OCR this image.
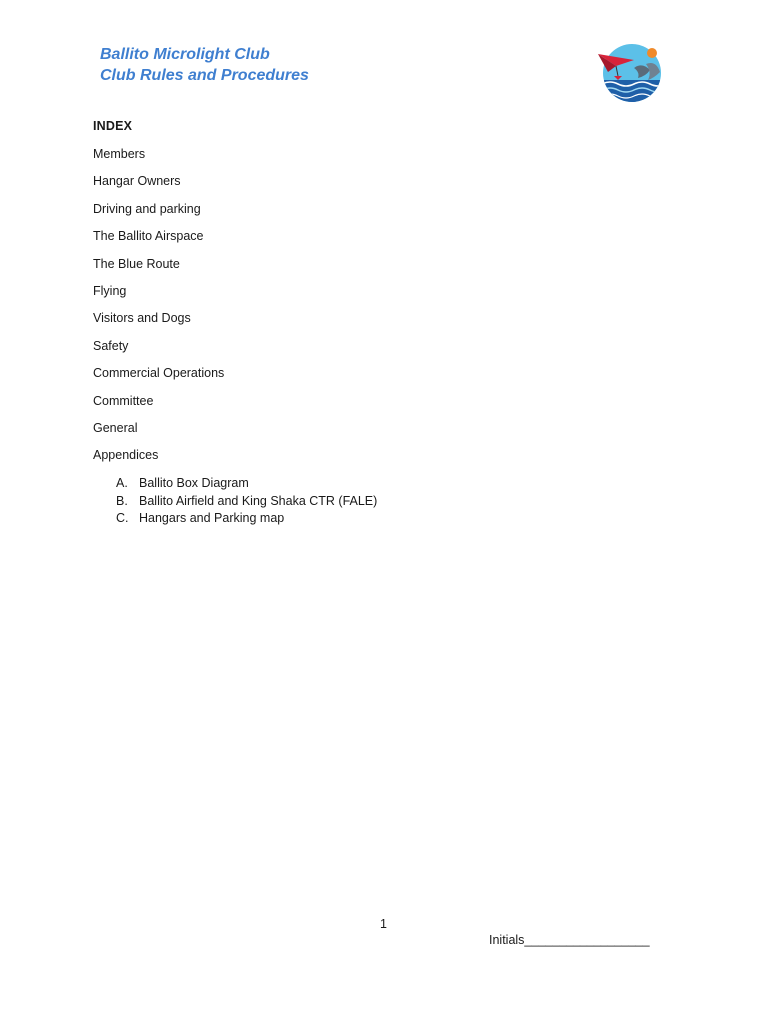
Ballito Microlight Club
Club Rules and Procedures
INDEX
Members
Hangar Owners
Driving and parking
The Ballito Airspace
The Blue Route
Flying
Visitors and Dogs
Safety
Commercial Operations
Committee
General
Appendices
A. Ballito Box Diagram
B. Ballito Airfield and King Shaka CTR (FALE)
C. Hangars and Parking map
1
Initials__________________
